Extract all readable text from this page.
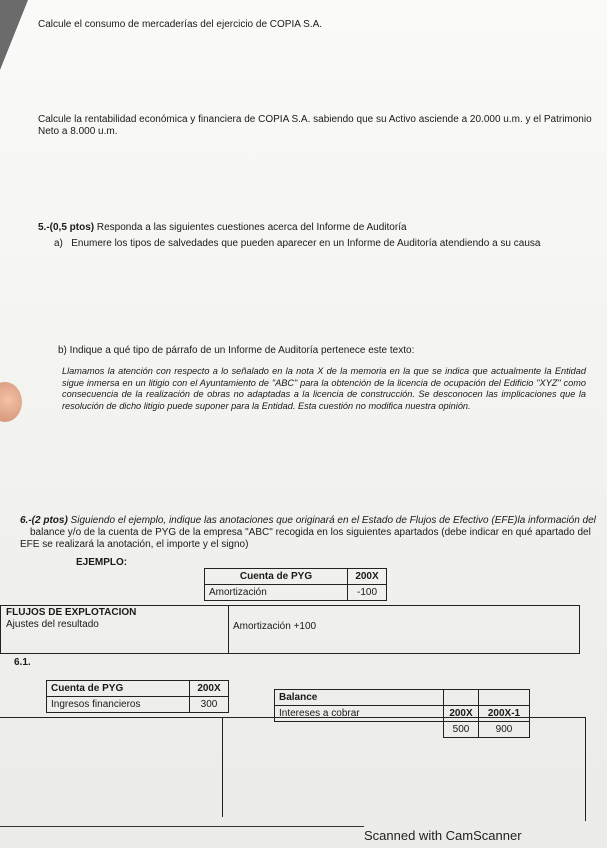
Calcule el consumo de mercaderías del ejercicio de COPIA S.A.
Calcule la rentabilidad económica y financiera de COPIA S.A. sabiendo que su Activo asciende a 20.000 u.m. y el Patrimonio
Neto a 8.000 u.m.
5.-(0,5 ptos) Responda a las siguientes cuestiones acerca del Informe de Auditoría
a)   Enumere los tipos de salvedades que pueden aparecer en un Informe de Auditoría atendiendo a su causa
b) Indique a qué tipo de párrafo de un Informe de Auditoría pertenece este texto:
Llamamos la atención con respecto a lo señalado en la nota X de la memoria en la que se indica que actualmente la Entidad sigue inmersa en un litigio con el Ayuntamiento de "ABC" para la obtención de la licencia de ocupación del Edificio "XYZ" como consecuencia de la realización de obras no adaptadas a la licencia de construcción. Se desconocen las implicaciones que la resolución de dicho litigio puede suponer para la Entidad. Esta cuestión no modifica nuestra opinión.
6.-(2 ptos) Siguiendo el ejemplo, indique las anotaciones que originará en el Estado de Flujos de Efectivo (EFE)la información del
balance y/o de la cuenta de PYG de la empresa "ABC" recogida en los siguientes apartados (debe indicar en qué apartado del
EFE se realizará la anotación, el importe y el signo)
EJEMPLO:
Cuenta de PYG	200X
Amortización	-100
FLUJOS DE EXPLOTACION
Ajustes del resultado	Amortización +100
6.1.
Cuenta de PYG	200X
Ingresos financieros	300
Balance		
Intereses a cobrar	200X	200X-1
	500	900
Scanned with CamScanner
